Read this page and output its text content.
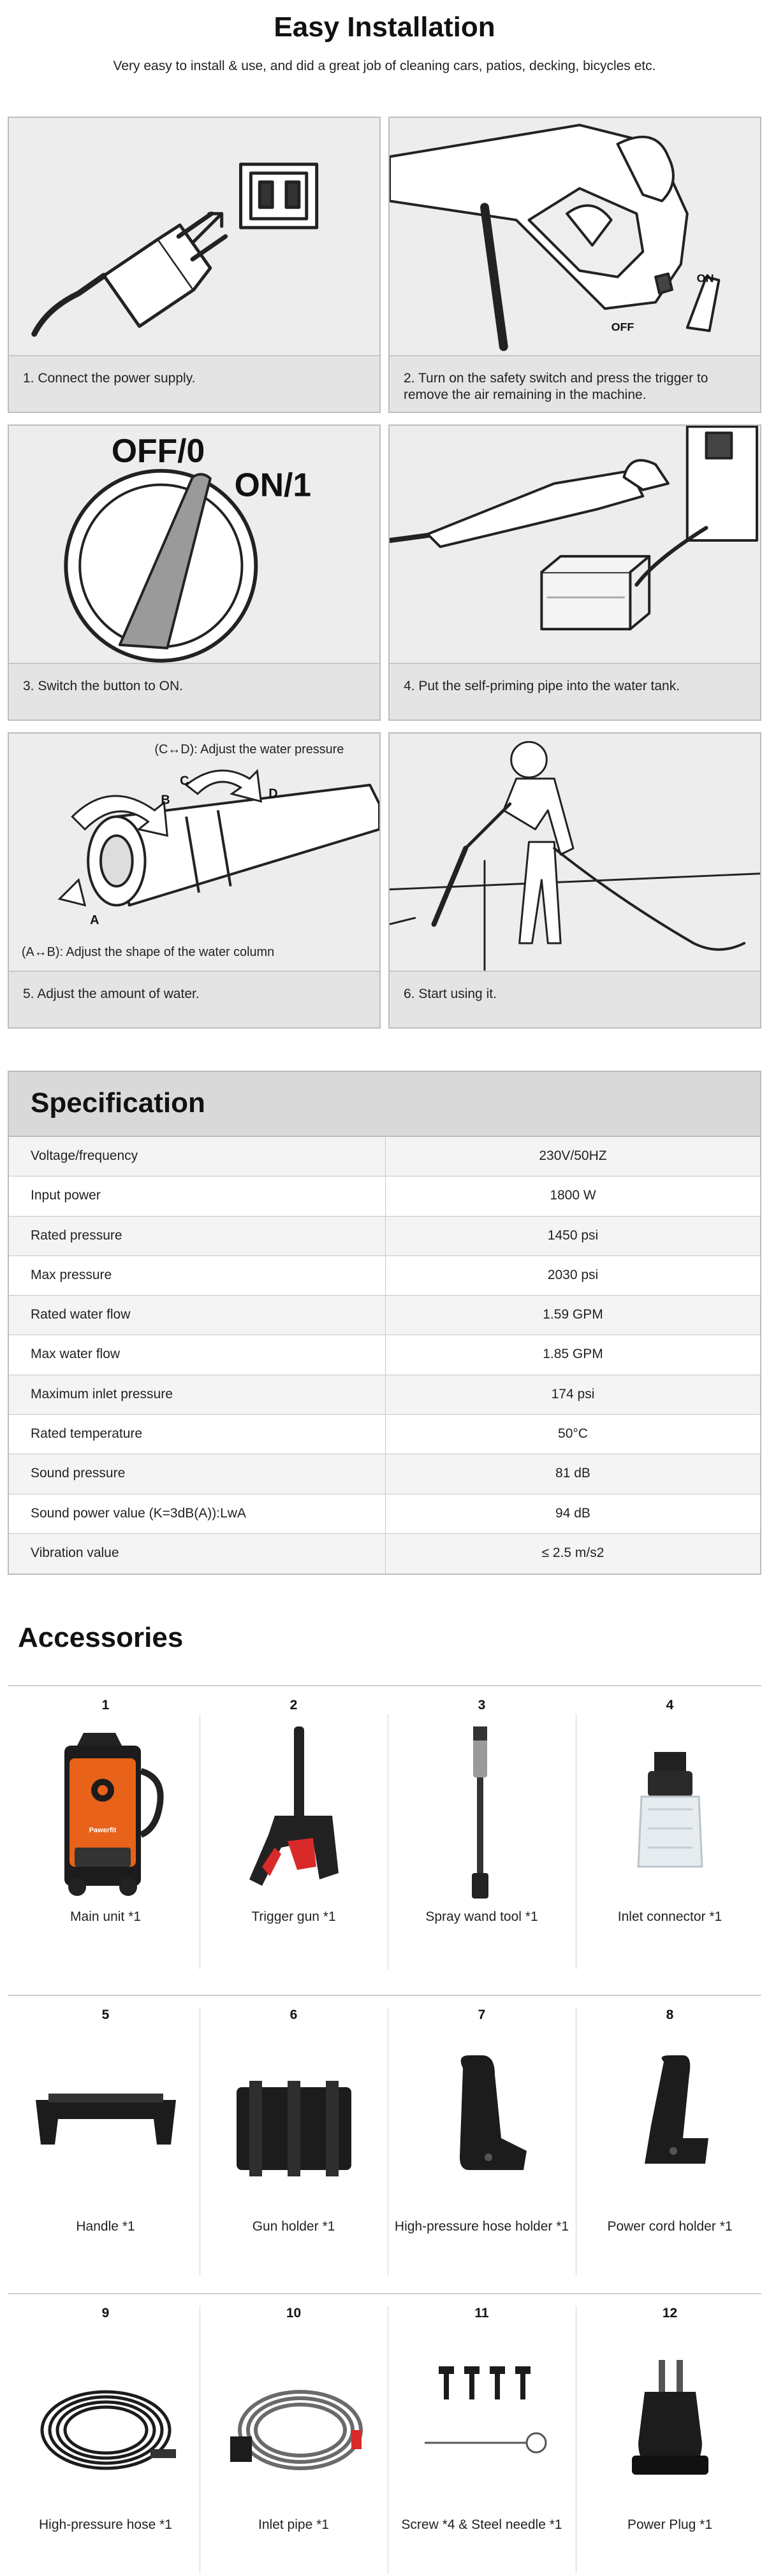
Easy Installation
Very easy to install & use, and did a great job of cleaning cars, patios, decking, bicycles etc.
1. Connect the power supply.
ON
OFF
2. Turn on the safety switch and press the trigger to remove the air remaining in the machine.
OFF/0
ON/1
3. Switch the button to ON.	4. Put the self-priming pipe into the water tank.
(C↔D): Adjust the water pressure
A
B
C
D
(A↔B): Adjust the shape of the water column
5. Adjust the amount of water.	6. Start using it.
Specification
Voltage/frequency	230V/50HZ
Input power	1800 W
Rated pressure	1450 psi
Max pressure	2030 psi
Rated water flow	1.59 GPM
Max water flow	1.85 GPM
Maximum inlet pressure	174 psi
Rated temperature	50°C
Sound pressure	81 dB
Sound power value (K=3dB(A)):LwA	94 dB
Vibration value	≤ 2.5 m/s2
Accessories
1
Pawerfit
Main unit *1
2
Trigger gun *1
3
Spray wand tool *1
4
Inlet connector *1
5
Handle *1
6
Gun holder *1
7
High-pressure hose holder *1
8
Power cord holder *1
9
High-pressure hose *1
10
Inlet pipe *1
11
Screw *4 & Steel needle *1
12
Power Plug *1
